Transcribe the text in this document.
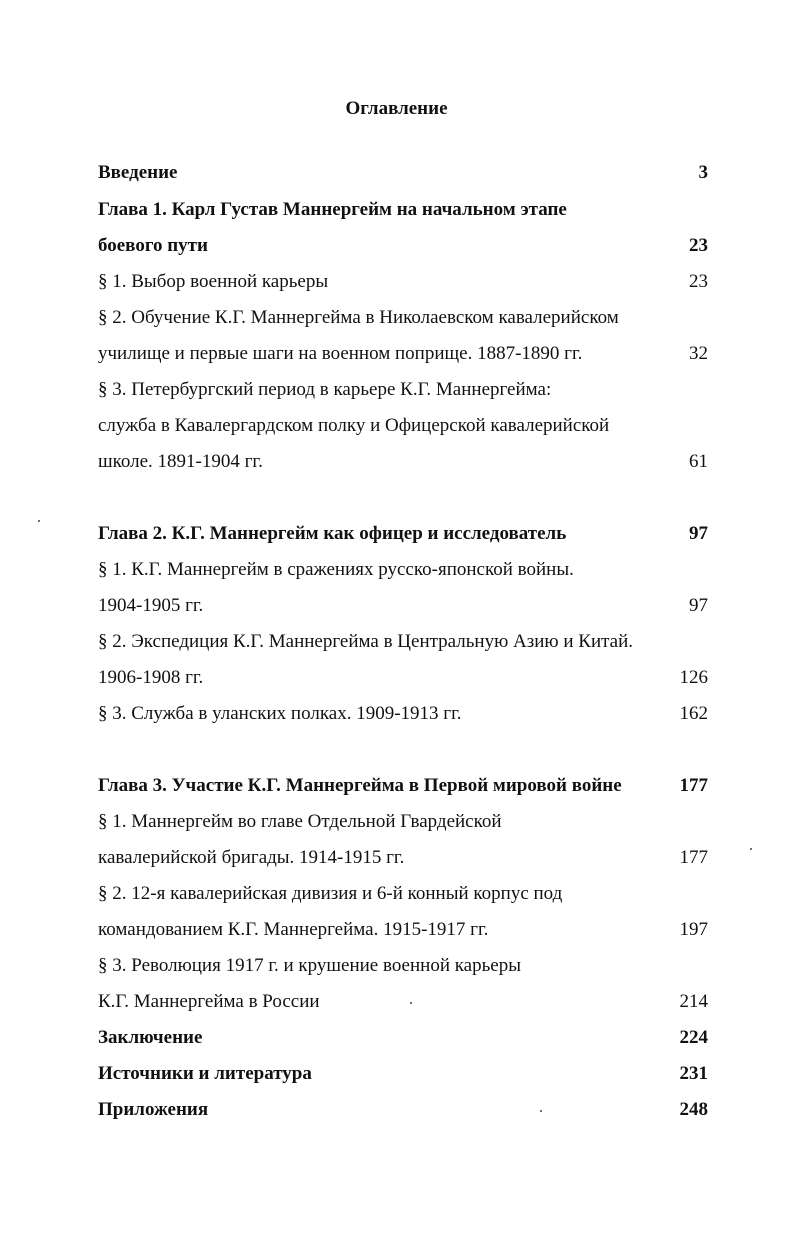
Оглавление
Введение	3
Глава 1. Карл Густав Маннергейм на начальном этапе
боевого пути	23
§ 1. Выбор военной карьеры	23
§ 2. Обучение К.Г. Маннергейма в Николаевском кавалерийском
училище и первые шаги на военном поприще. 1887-1890 гг.	32
§ 3. Петербургский период в карьере К.Г. Маннергейма:
служба в Кавалергардском полку и Офицерской кавалерийской
школе. 1891-1904 гг.	61
Глава 2. К.Г. Маннергейм как офицер и исследователь	97
§ 1. К.Г. Маннергейм в сражениях русско-японской войны.
1904-1905 гг.	97
§ 2. Экспедиция К.Г. Маннергейма в Центральную Азию и Китай.
1906-1908 гг.	126
§ 3. Служба в уланских полках. 1909-1913 гг.	162
Глава 3. Участие К.Г. Маннергейма в Первой мировой войне	177
§ 1. Маннергейм во главе Отдельной Гвардейской
кавалерийской бригады. 1914-1915 гг.	177
§ 2. 12-я кавалерийская дивизия и 6-й конный корпус под
командованием К.Г. Маннергейма. 1915-1917 гг.	197
§ 3. Революция 1917 г. и крушение военной карьеры
К.Г. Маннергейма в России	214
Заключение	224
Источники и литература	231
Приложения	248
